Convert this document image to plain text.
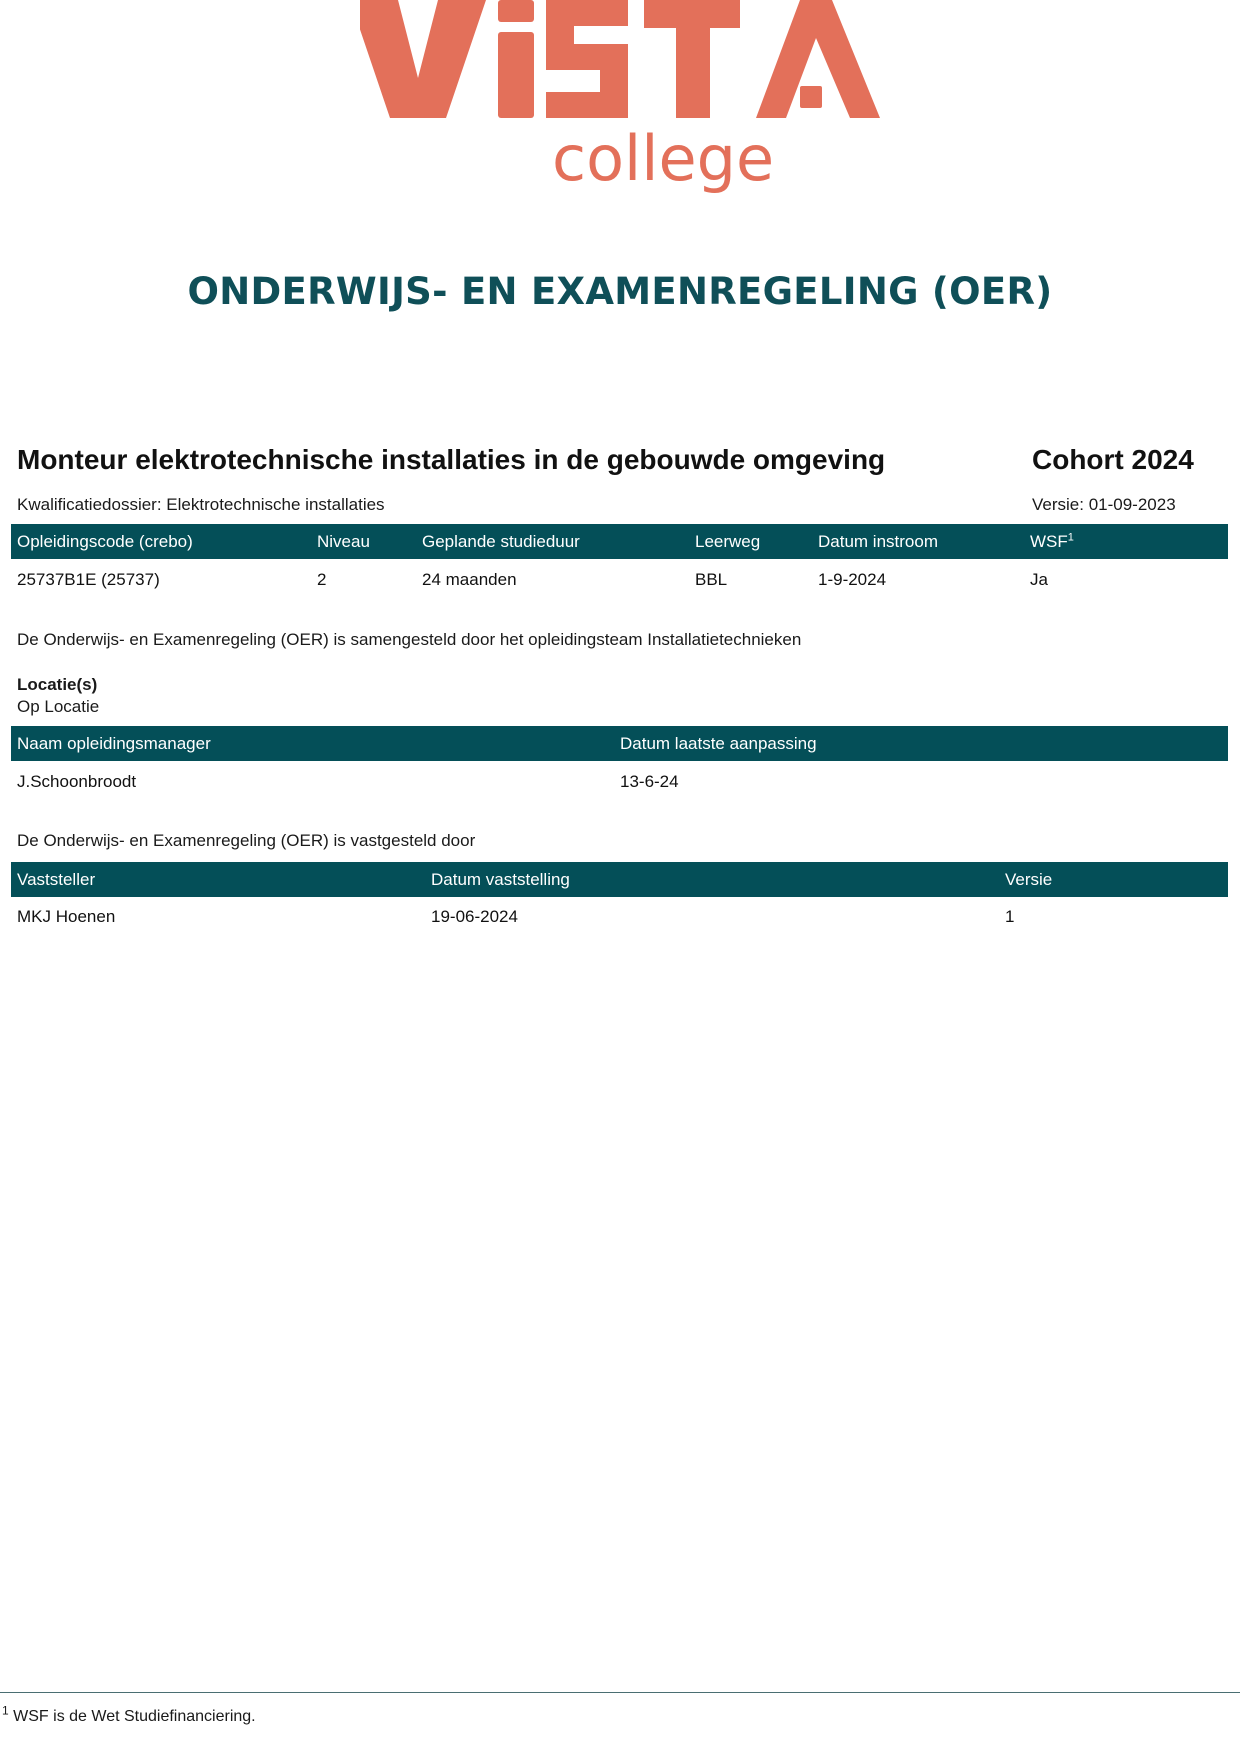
college
ONDERWIJS- EN EXAMENREGELING (OER)
Monteur elektrotechnische installaties in de gebouwde omgeving	Cohort 2024
Kwalificatiedossier: Elektrotechnische installaties	Versie: 01-09-2023
Opleidingscode (crebo)	Niveau	Geplande studieduur	Leerweg	Datum instroom	WSF$^1$
25737B1E (25737)	2	24 maanden	BBL	1-9-2024	Ja
De Onderwijs- en Examenregeling (OER) is samengesteld door het opleidingsteam Installatietechnieken
Locatie(s)
Op Locatie
Naam opleidingsmanager	Datum laatste aanpassing
J.Schoonbroodt	13-6-24
De Onderwijs- en Examenregeling (OER) is vastgesteld door
Vaststeller	Datum vaststelling	Versie
MKJ Hoenen	19-06-2024	1
$^1$ WSF is de Wet Studiefinanciering.
